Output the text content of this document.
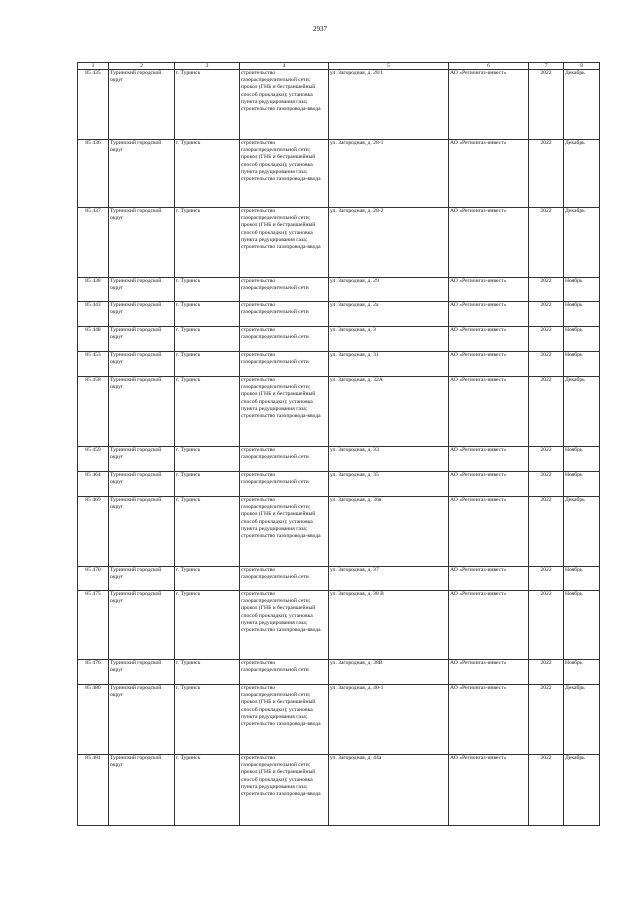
2937
1	2	3	4	5	6	7	8
85 435	Туринский городской округ	г. Туринск	строительство газораспределительной сети; прокол (ГНБ и бестраншейный способ прокладки); установка пункта редуцирования газа; строительство газопровода-ввода	ул. Загородная, д. 28/1	АО «Регионгаз-инвест»	2022	Декабрь
85 436	Туринский городской округ	г. Туринск	строительство газораспределительной сети; прокол (ГНБ и бестраншейный способ прокладки); установка пункта редуцирования газа; строительство газопровода-ввода	ул. Загородная, д. 28-1	АО «Регионгаз-инвест»	2022	Декабрь
85 437	Туринский городской округ	г. Туринск	строительство газораспределительной сети; прокол (ГНБ и бестраншейный способ прокладки); установка пункта редуцирования газа; строительство газопровода-ввода	ул. Загородная, д. 28-2	АО «Регионгаз-инвест»	2022	Декабрь
85 438	Туринский городской округ	г. Туринск	строительство газораспределительной сети	ул. Загородная, д. 29	АО «Регионгаз-инвест»	2022	Ноябрь
85 443	Туринский городской округ	г. Туринск	строительство газораспределительной сети	ул. Загородная, д. 2а	АО «Регионгаз-инвест»	2022	Ноябрь
85 448	Туринский городской округ	г. Туринск	строительство газораспределительной сети	ул. Загородная, д. 3	АО «Регионгаз-инвест»	2022	Ноябрь
85 453	Туринский городской округ	г. Туринск	строительство газораспределительной сети	ул. Загородная, д. 31	АО «Регионгаз-инвест»	2022	Ноябрь
85 458	Туринский городской округ	г. Туринск	строительство газораспределительной сети; прокол (ГНБ и бестраншейный способ прокладки); установка пункта редуцирования газа; строительство газопровода-ввода	ул. Загородная, д. 32А	АО «Регионгаз-инвест»	2022	Декабрь
85 459	Туринский городской округ	г. Туринск	строительство газораспределительной сети	ул. Загородная, д. 33	АО «Регионгаз-инвест»	2022	Ноябрь
85 464	Туринский городской округ	г. Туринск	строительство газораспределительной сети	ул. Загородная, д. 35	АО «Регионгаз-инвест»	2022	Ноябрь
85 469	Туринский городской округ	г. Туринск	строительство газораспределительной сети; прокол (ГНБ и бестраншейный способ прокладки); установка пункта редуцирования газа; строительство газопровода-ввода	ул. Загородная, д. 36в	АО «Регионгаз-инвест»	2022	Декабрь
85 470	Туринский городской округ	г. Туринск	строительство газораспределительной сети	ул. Загородная, д. 37	АО «Регионгаз-инвест»	2022	Ноябрь
85 475	Туринский городской округ	г. Туринск	строительство газораспределительной сети; прокол (ГНБ и бестраншейный способ прокладки); установка пункта редуцирования газа; строительство газопровода-ввода	ул. Загородная, д. 38 В	АО «Регионгаз-инвест»	2022	Ноябрь
85 476	Туринский городской округ	г. Туринск	строительство газораспределительной сети	ул. Загородная, д. 38В	АО «Регионгаз-инвест»	2022	Ноябрь
85 480	Туринский городской округ	г. Туринск	строительство газораспределительной сети; прокол (ГНБ и бестраншейный способ прокладки); установка пункта редуцирования газа; строительство газопровода-ввода	ул. Загородная, д. 40-1	АО «Регионгаз-инвест»	2022	Декабрь
85 481	Туринский городской округ	г. Туринск	строительство газораспределительной сети; прокол (ГНБ и бестраншейный способ прокладки); установка пункта редуцирования газа; строительство газопровода-ввода	ул. Загородная, д. 44а	АО «Регионгаз-инвест»	2022	Декабрь
